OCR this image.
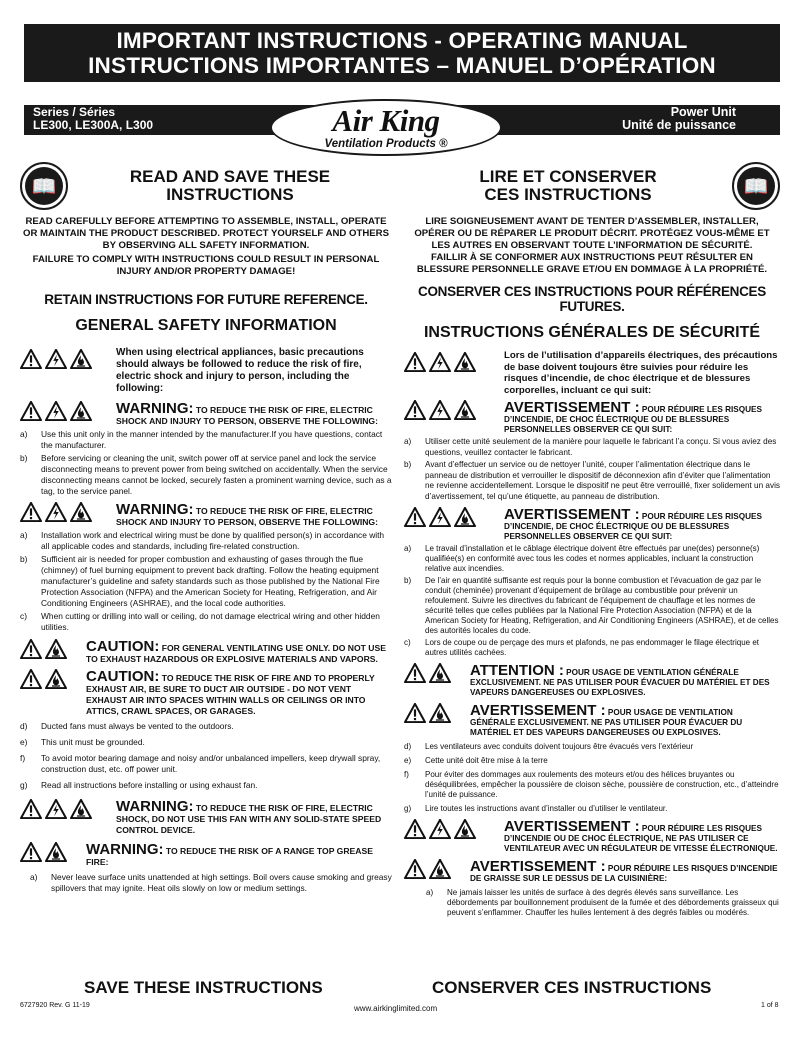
IMPORTANT INSTRUCTIONS - OPERATING MANUAL
INSTRUCTIONS IMPORTANTES – MANUEL D’OPÉRATION
Series / Séries
LE300, LE300A, L300	Air King
Ventilation Products ®
Power Unit
Unité de puissance
📖	READ AND SAVE THESE
INSTRUCTIONS
READ CAREFULLY BEFORE ATTEMPTING TO ASSEMBLE, INSTALL, OPERATE OR MAINTAIN THE PRODUCT DESCRIBED. PROTECT YOURSELF AND OTHERS BY OBSERVING ALL SAFETY INFORMATION.
FAILURE TO COMPLY WITH INSTRUCTIONS COULD RESULT IN PERSONAL INJURY AND/OR PROPERTY DAMAGE!
RETAIN INSTRUCTIONS FOR FUTURE REFERENCE.
GENERAL SAFETY INFORMATION
When using electrical appliances, basic precautions should always be followed to reduce the risk of fire, electric shock and injury to person, including the following:
WARNING: TO REDUCE THE RISK OF FIRE, ELECTRIC SHOCK AND INJURY TO PERSON, OBSERVE THE FOLLOWING:
a)	Use this unit only in the manner intended by the manufacturer.If you have questions, contact the manufacturer.
b)	Before servicing or cleaning the unit, switch power off at service panel and lock the service disconnecting means to prevent power from being switched on accidentally. When the service disconnecting means cannot be locked, securely fasten a prominent warning device, such as a tag, to the service panel.
WARNING: TO REDUCE THE RISK OF FIRE, ELECTRIC SHOCK AND INJURY TO PERSON, OBSERVE THE FOLLOWING:
a)	Installation work and electrical wiring must be done by qualified person(s) in accordance with all applicable codes and standards, including fire-related construction.
b)	Sufficient air is needed for proper combustion and exhausting of gases through the flue (chimney) of fuel burning equipment to prevent back drafting. Follow the heating equipment manufacturer’s guideline and safety standards such as those published by the National Fire Protection Association (NFPA) and the American Society for Heating, Refrigeration, and Air Conditioning Engineers (ASHRAE), and the local code authorities.
c)	When cutting or drilling into wall or ceiling, do not damage electrical wiring and other hidden utilities.
CAUTION: FOR GENERAL VENTILATING USE ONLY. DO NOT USE TO EXHAUST HAZARDOUS OR EXPLOSIVE MATERIALS AND VAPORS.
CAUTION: TO REDUCE THE RISK OF FIRE AND TO PROPERLY EXHAUST AIR, BE SURE TO DUCT AIR OUTSIDE - DO NOT VENT EXHAUST AIR INTO SPACES WITHIN WALLS OR CEILINGS OR INTO ATTICS, CRAWL SPACES, OR GARAGES.
d)	Ducted fans must always be vented to the outdoors.
e)	This unit must be grounded.
f)	To avoid motor bearing damage and noisy and/or unbalanced impellers, keep drywall spray, construction dust, etc. off power unit.
g)	Read all instructions before installing or using exhaust fan.
WARNING: TO REDUCE THE RISK OF FIRE, ELECTRIC SHOCK, DO NOT USE THIS FAN WITH ANY SOLID-STATE SPEED CONTROL DEVICE.
WARNING: TO REDUCE THE RISK OF A RANGE TOP GREASE FIRE:
a)	Never leave surface units unattended at high settings. Boil overs cause smoking and greasy spillovers that may ignite. Heat oils slowly on low or medium settings.
LIRE ET CONSERVER
CES INSTRUCTIONS	📖
LIRE SOIGNEUSEMENT AVANT DE TENTER D’ASSEMBLER, INSTALLER, OPÉRER OU DE RÉPARER LE PRODUIT DÉCRIT. PROTÉGEZ VOUS-MÊME ET LES AUTRES EN OBSERVANT TOUTE L’INFORMATION DE SÉCURITÉ.
FAILLIR À SE CONFORMER AUX INSTRUCTIONS PEUT RÉSULTER EN BLESSURE PERSONNELLE GRAVE ET/OU EN DOMMAGE À LA PROPRIÉTÉ.
CONSERVER CES INSTRUCTIONS POUR RÉFÉRENCES FUTURES.
INSTRUCTIONS GÉNÉRALES DE SÉCURITÉ
Lors de l’utilisation d’appareils électriques, des précautions de base doivent toujours être suivies pour réduire les risques d’incendie, de choc électrique et de blessures corporelles, incluant ce qui suit:
AVERTISSEMENT : POUR RÉDUIRE LES RISQUES D’INCENDIE, DE CHOC ÉLECTRIQUE OU DE BLESSURES PERSONNELLES OBSERVER CE QUI SUIT:
a)	Utiliser cette unité seulement de la manière pour laquelle le fabricant l’a conçu. Si vous aviez des questions, veuillez contacter le fabricant.
b)	Avant d’effectuer un service ou de nettoyer l’unité, couper l’alimentation électrique dans le panneau de distribution et verrouiller le dispositif de déconnexion afin d’éviter que l’alimentation ne revienne accidentellement. Lorsque le dispositif ne peut être verrouillé, fixer solidement un avis d’avertissement, tel qu’une étiquette, au panneau de distribution.
AVERTISSEMENT : POUR RÉDUIRE LES RISQUES D’INCENDIE, DE CHOC ÉLECTRIQUE OU DE BLESSURES PERSONNELLES OBSERVER CE QUI SUIT:
a)	Le travail d’installation et le câblage électrique doivent être effectués par une(des) personne(s) qualifiée(s) en conformité avec tous les codes et normes applicables, incluant la construction relative aux incendies.
b)	De l’air en quantité suffisante est requis pour la bonne combustion et l’évacuation de gaz par le conduit (cheminée) provenant d’équipement de brûlage au combustible pour prévenir un refoulement. Suivre les directives du fabricant de l’équipement de chauffage et les normes de sécurité telles que celles publiées par la National Fire Protection Association (NFPA) et de la American Society for Heating, Refrigeration, and Air Conditioning Engineers (ASHRAE), et de celles des autorités locales du code.
c)	Lors de coupe ou de perçage des murs et plafonds, ne pas endommager le filage électrique et autres utilités cachées.
ATTENTION : POUR USAGE DE VENTILATION GÉNÉRALE EXCLUSIVEMENT. NE PAS UTILISER POUR ÉVACUER DU MATÉRIEL ET DES VAPEURS DANGEREUSES OU EXPLOSIVES.
AVERTISSEMENT : POUR USAGE DE VENTILATION GÉNÉRALE EXCLUSIVEMENT. NE PAS UTILISER POUR ÉVACUER DU MATÉRIEL ET DES VAPEURS DANGEREUSES OU EXPLOSIVES.
d)	Les ventilateurs avec conduits doivent toujours être évacués vers l’extérieur
e)	Cette unité doit être mise à la terre
f)	Pour éviter des dommages aux roulements des moteurs et/ou des hélices bruyantes ou déséquilibrées, empêcher la poussière de cloison sèche, poussière de construction, etc., d’atteindre l’unité de puissance.
g)	Lire toutes les instructions avant d’installer ou d’utiliser le ventilateur.
AVERTISSEMENT : POUR RÉDUIRE LES RISQUES D’INCENDIE OU DE CHOC ÉLECTRIQUE, NE PAS UTILISER CE VENTILATEUR AVEC UN RÉGULATEUR DE VITESSE ÉLECTRONIQUE.
AVERTISSEMENT : POUR RÉDUIRE LES RISQUES D’INCENDIE DE GRAISSE SUR LE DESSUS DE LA CUISINIÈRE:
a)	Ne jamais laisser les unités de surface à des degrés élevés sans surveillance. Les débordements par bouillonnement produisent de la fumée et des débordements graisseux qui peuvent s’enflammer. Chauffer les huiles lentement à des degrés faibles ou modérés.
SAVE THESE INSTRUCTIONS	CONSERVER CES INSTRUCTIONS
6727920 Rev. G 11-19	www.airkinglimited.com	1 of 8
